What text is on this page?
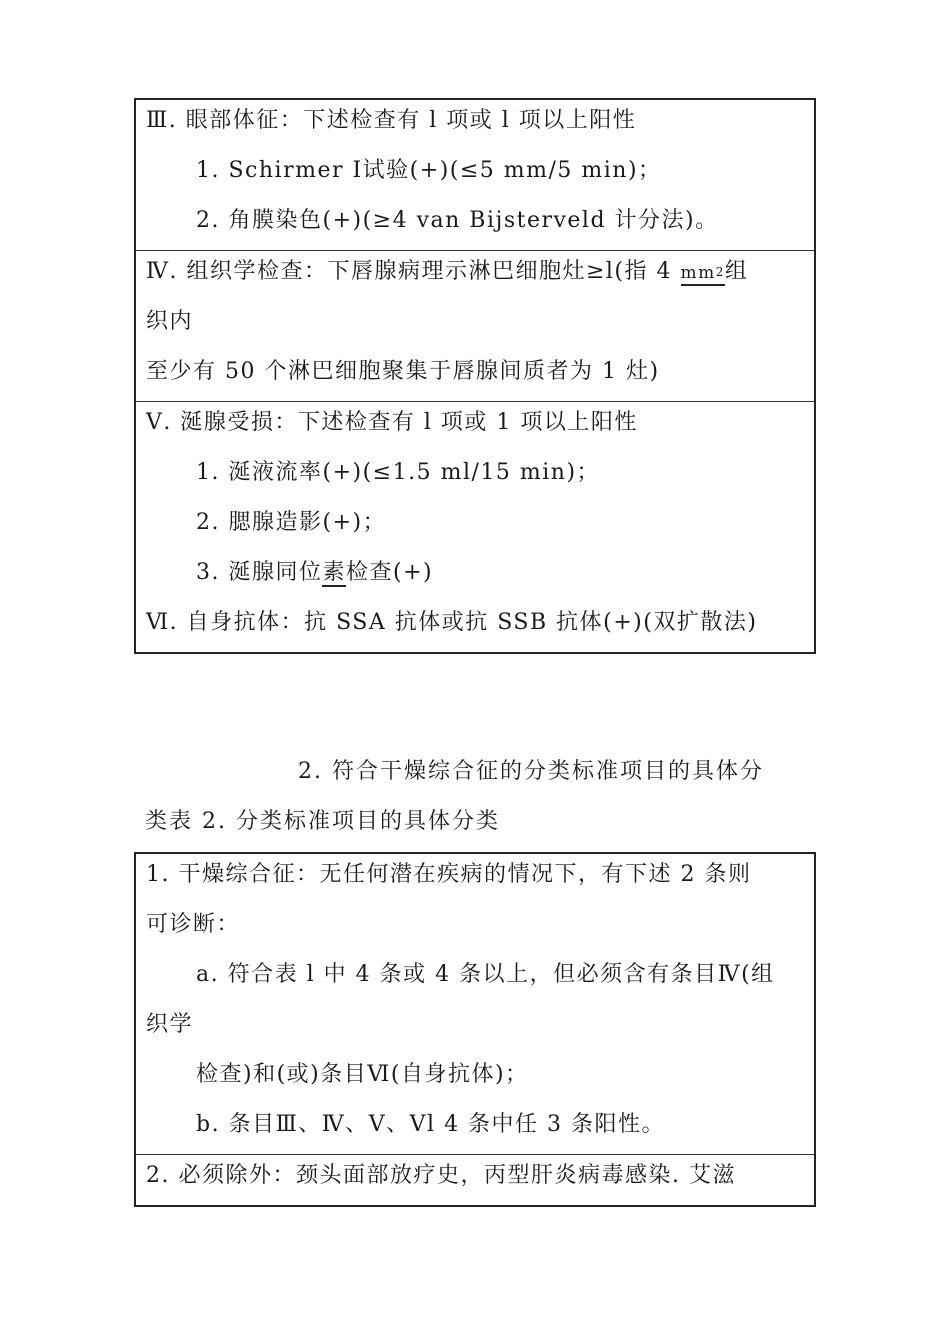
Ⅲ. 眼部体征：下述检查有 l 项或 l 项以上阳性
1. Schirmer Ⅰ试验(+)(≤5 mm/5 min)；
2. 角膜染色(+)(≥4 van Bijsterveld 计分法)。
Ⅳ. 组织学检查：下唇腺病理示淋巴细胞灶≥l(指 4 $mm^2$组
织内
至少有 50 个淋巴细胞聚集于唇腺间质者为 1 灶)
Ⅴ. 涎腺受损：下述检查有 l 项或 1 项以上阳性
1. 涎液流率(+)(≤1.5 ml/15 min)；
2. 腮腺造影(+)；
3. 涎腺同位素检查(+)
Ⅵ. 自身抗体：抗 SSA 抗体或抗 SSB 抗体(+)(双扩散法)
2. 符合干燥综合征的分类标准项目的具体分
类表 2. 分类标准项目的具体分类
1. 干燥综合征：无任何潜在疾病的情况下，有下述 2 条则
可诊断：
a. 符合表 l 中 4 条或 4 条以上，但必须含有条目Ⅳ(组
织学
检查)和(或)条目Ⅵ(自身抗体)；
b. 条目Ⅲ、Ⅳ、Ⅴ、Vl 4 条中任 3 条阳性。
2. 必须除外：颈头面部放疗史，丙型肝炎病毒感染. 艾滋
